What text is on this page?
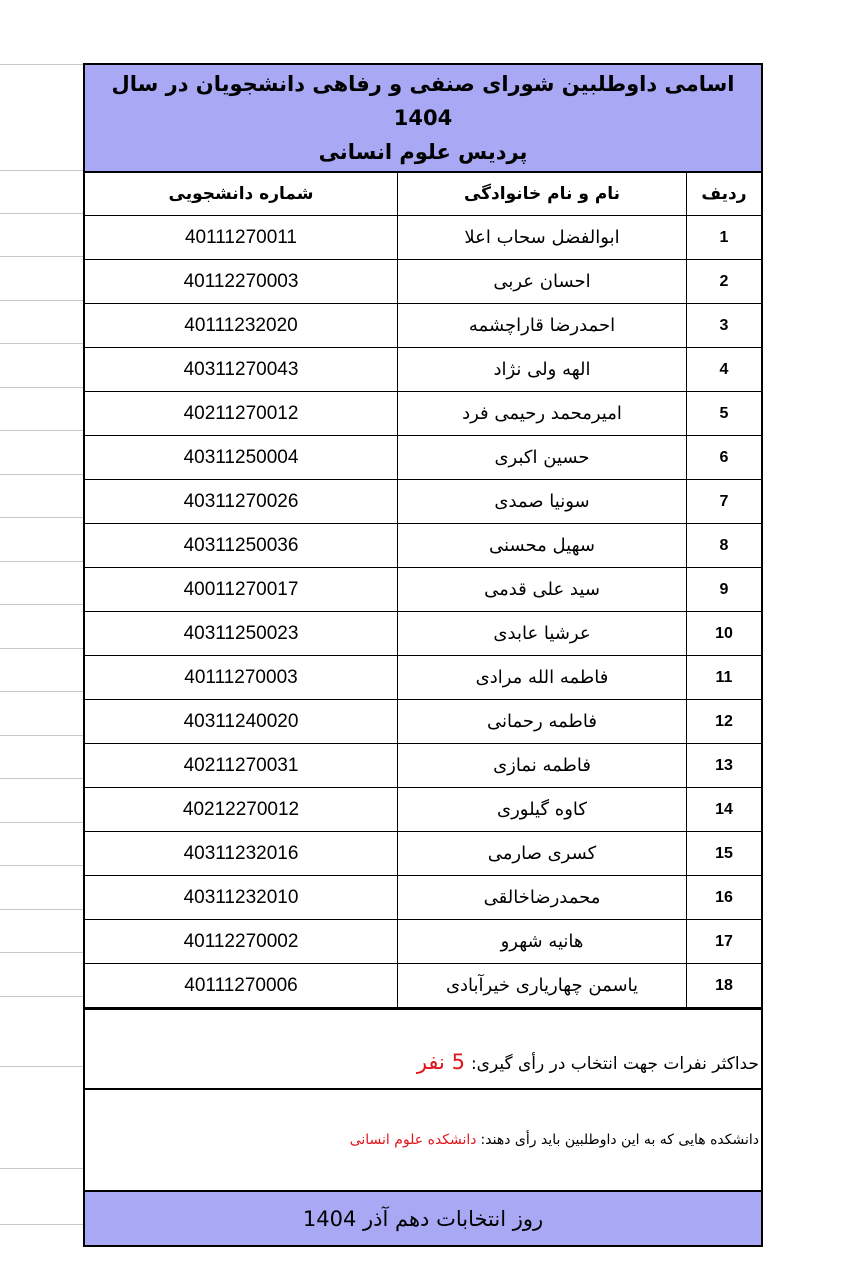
اسامی داوطلبین شورای صنفی و رفاهی دانشجویان در سال 1404
پردیس علوم انسانی
ردیف	نام و نام خانوادگی	شماره دانشجویی
1	ابوالفضل سحاب اعلا	40111270011
2	احسان عربی	40112270003
3	احمدرضا قاراچشمه	40111232020
4	الهه ولی نژاد	40311270043
5	امیرمحمد رحیمی فرد	40211270012
6	حسین اکبری	40311250004
7	سونیا صمدی	40311270026
8	سهیل محسنی	40311250036
9	سید علی قدمی	40011270017
10	عرشیا عابدی	40311250023
11	فاطمه الله مرادی	40111270003
12	فاطمه رحمانی	40311240020
13	فاطمه نمازی	40211270031
14	کاوه گیلوری	40212270012
15	کسری صارمی	40311232016
16	محمدرضاخالقی	40311232010
17	هانیه شهرو	40112270002
18	یاسمن چهاریاری خیرآبادی	40111270006
حداکثر نفرات جهت انتخاب در رأی گیری:
5 نفر
دانشکده هایی که به این داوطلبین باید رأی دهند:
دانشکده علوم انسانی
روز انتخابات دهم آذر 1404
